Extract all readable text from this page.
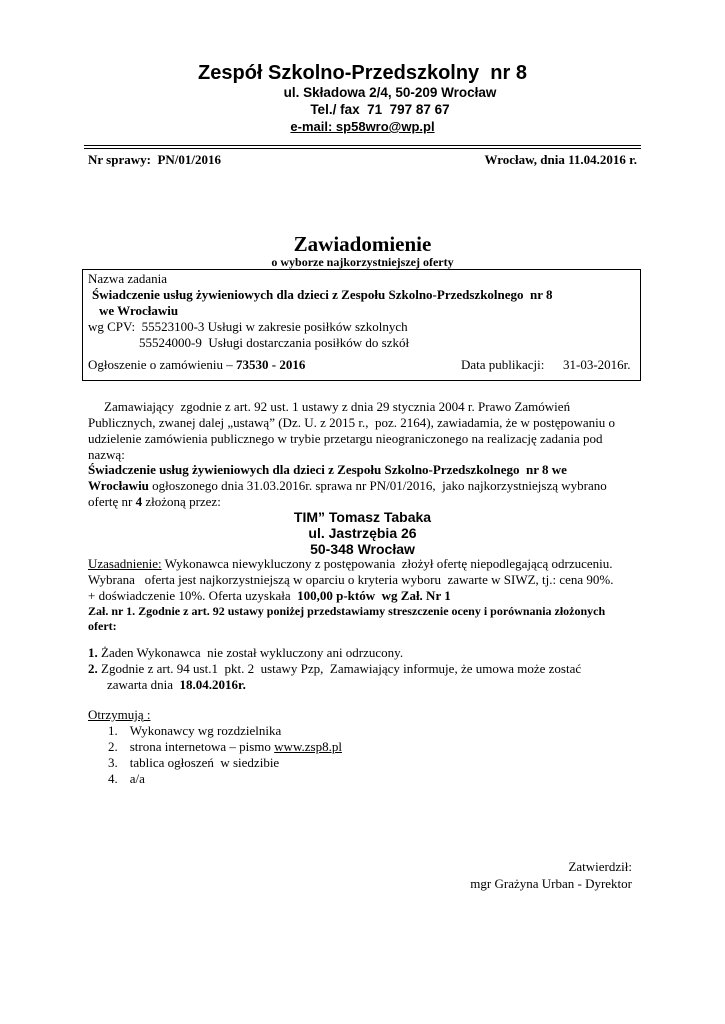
Zespół Szkolno-Przedszkolny  nr 8
ul. Składowa 2/4, 50-209 Wrocław
Tel./ fax  71  797 87 67
e-mail: sp58wro@wp.pl
Nr sprawy:  PN/01/2016	Wrocław, dnia 11.04.2016 r.
Zawiadomienie
o wyborze najkorzystniejszej oferty
Nazwa zadania
Świadczenie usług żywieniowych dla dzieci z Zespołu Szkolno-Przedszkolnego  nr 8
we Wrocławiu
wg CPV:  55523100-3 Usługi w zakresie posiłków szkolnych
55524000-9  Usługi dostarczania posiłków do szkół
Ogłoszenie o zamówieniu – 73530 - 2016	Data publikacji: 31-03-2016r.
Zamawiający  zgodnie z art. 92 ust. 1 ustawy z dnia 29 stycznia 2004 r. Prawo Zamówień
Publicznych, zwanej dalej „ustawą” (Dz. U. z 2015 r.,  poz. 2164), zawiadamia, że w postępowaniu o
udzielenie zamówienia publicznego w trybie przetargu nieograniczonego na realizację zadania pod
nazwą:
Świadczenie usług żywieniowych dla dzieci z Zespołu Szkolno-Przedszkolnego  nr 8 we
Wrocławiu ogłoszonego dnia 31.03.2016r. sprawa nr PN/01/2016,  jako najkorzystniejszą wybrano
ofertę nr 4 złożoną przez:
TIM” Tomasz Tabaka
ul. Jastrzębia 26
50-348 Wrocław
Uzasadnienie: Wykonawca niewykluczony z postępowania  złożył ofertę niepodlegającą odrzuceniu.
Wybrana   oferta jest najkorzystniejszą w oparciu o kryteria wyboru  zawarte w SIWZ, tj.: cena 90%.
+ doświadczenie 10%. Oferta uzyskała  100,00 p-któw  wg Zał. Nr 1
Zał. nr 1. Zgodnie z art. 92 ustawy poniżej przedstawiamy streszczenie oceny i porównania złożonych
ofert:
1. Żaden Wykonawca  nie został wykluczony ani odrzucony.
2. Zgodnie z art. 94 ust.1  pkt. 2  ustawy Pzp,  Zamawiający informuje, że umowa może zostać
zawarta dnia  18.04.2016r.
Otrzymują :
1. Wykonawcy wg rozdzielnika
2. strona internetowa – pismo www.zsp8.pl
3. tablica ogłoszeń  w siedzibie
4. a/a
Zatwierdził:
mgr Grażyna Urban - Dyrektor
